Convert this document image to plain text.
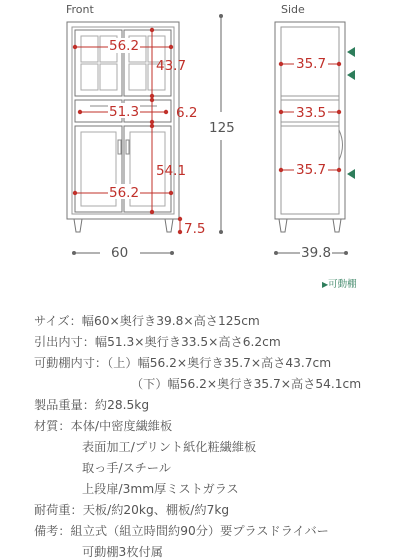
Front
56.2
43.7
51.3	6.2
54.1
56.2
7.5
60
125
Side
35.7
33.5
35.7
39.8
▶可動棚
サイズ：幅60×奥行き39.8×高さ125cm
引出内寸：幅51.3×奥行き33.5×高さ6.2cm
可動棚内寸：（上）幅56.2×奥行き35.7×高さ43.7cm
（下）幅56.2×奥行き35.7×高さ54.1cm
製品重量：約28.5kg
材質：本体/中密度繊維板
表面加工/プリント紙化粧繊維板
取っ手/スチール
上段扉/3mm厚ミストガラス
耐荷重：天板/約20kg、棚板/約7kg
備考：組立式（組立時間約90分）要プラスドライバー
可動棚3枚付属
